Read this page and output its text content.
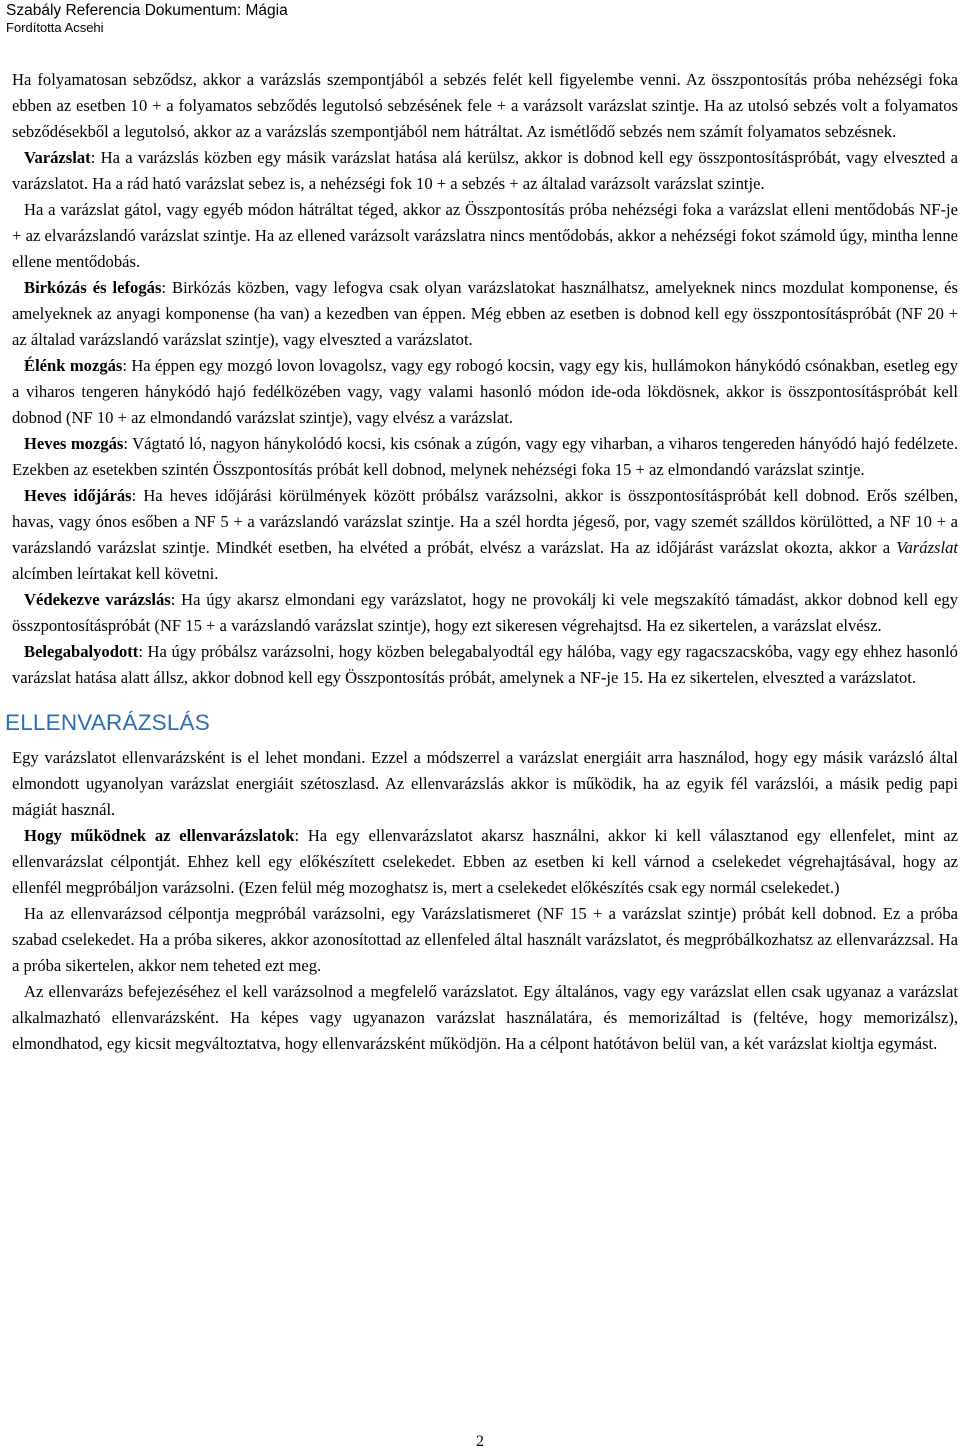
Szabály Referencia Dokumentum: Mágia
Fordította Acsehi

Ha folyamatosan sebződsz, akkor a varázslás szempontjából a sebzés felét kell figyelembe venni. Az összpontosítás próba nehézségi foka ebben az esetben 10 + a folyamatos sebződés legutolsó sebzésének fele + a varázsolt varázslat szintje. Ha az utolsó sebzés volt a folyamatos sebződésekből a legutolsó, akkor az a varázslás szempontjából nem hátráltat. Az ismétlődő sebzés nem számít folyamatos sebzésnek.

Varázslat: Ha a varázslás közben egy másik varázslat hatása alá kerülsz, akkor is dobnod kell egy összpontosításpróbát, vagy elveszted a varázslatot. Ha a rád ható varázslat sebez is, a nehézségi fok 10 + a sebzés + az általad varázsolt varázslat szintje.

Ha a varázslat gátol, vagy egyéb módon hátráltat téged, akkor az Összpontosítás próba nehézségi foka a varázslat elleni mentődobás NF-je + az elvarázslandó varázslat szintje. Ha az ellened varázsolt varázslatra nincs mentődobás, akkor a nehézségi fokot számold úgy, mintha lenne ellene mentődobás.

Birkózás és lefogás: Birkózás közben, vagy lefogva csak olyan varázslatokat használhatsz, amelyeknek nincs mozdulat komponense, és amelyeknek az anyagi komponense (ha van) a kezedben van éppen. Még ebben az esetben is dobnod kell egy összpontosításpróbát (NF 20 + az általad varázslandó varázslat szintje), vagy elveszted a varázslatot.

Élénk mozgás: Ha éppen egy mozgó lovon lovagolsz, vagy egy robogó kocsin, vagy egy kis, hullámokon hánykódó csónakban, esetleg egy a viharos tengeren hánykódó hajó fedélközében vagy, vagy valami hasonló módon ide-oda lökdösnek, akkor is összpontosításpróbát kell dobnod (NF 10 + az elmondandó varázslat szintje), vagy elvész a varázslat.

Heves mozgás: Vágtató ló, nagyon hánykolódó kocsi, kis csónak a zúgón, vagy egy viharban, a viharos tengereden hányódó hajó fedélzete. Ezekben az esetekben szintén Összpontosítás próbát kell dobnod, melynek nehézségi foka 15 + az elmondandó varázslat szintje.

Heves időjárás: Ha heves időjárási körülmények között próbálsz varázsolni, akkor is összpontosításpróbát kell dobnod. Erős szélben, havas, vagy ónos esőben a NF 5 + a varázslandó varázslat szintje. Ha a szél hordta jégeső, por, vagy szemét szálldos körülötted, a NF 10 + a varázslandó varázslat szintje. Mindkét esetben, ha elvéted a próbát, elvész a varázslat. Ha az időjárást varázslat okozta, akkor a Varázslat alcímben leírtakat kell követni.

Védekezve varázslás: Ha úgy akarsz elmondani egy varázslatot, hogy ne provokálj ki vele megszakító támadást, akkor dobnod kell egy összpontosításpróbát (NF 15 + a varázslandó varázslat szintje), hogy ezt sikeresen végrehajtsd. Ha ez sikertelen, a varázslat elvész.

Belegabalyodott: Ha úgy próbálsz varázsolni, hogy közben belegabalyodtál egy hálóba, vagy egy ragacszacskóba, vagy egy ehhez hasonló varázslat hatása alatt állsz, akkor dobnod kell egy Összpontosítás próbát, amelynek a NF-je 15. Ha ez sikertelen, elveszted a varázslatot.

ELLENVARÁZSLÁS

Egy varázslatot ellenvarázsként is el lehet mondani. Ezzel a módszerrel a varázslat energiáit arra használod, hogy egy másik varázsló által elmondott ugyanolyan varázslat energiáit szétoszlasd. Az ellenvarázslás akkor is működik, ha az egyik fél varázslói, a másik pedig papi mágiát használ.

Hogy működnek az ellenvarázslatok: Ha egy ellenvarázslatot akarsz használni, akkor ki kell választanod egy ellenfelet, mint az ellenvarázslat célpontját. Ehhez kell egy előkészített cselekedet. Ebben az esetben ki kell várnod a cselekedet végrehajtásával, hogy az ellenfél megpróbáljon varázsolni. (Ezen felül még mozoghatsz is, mert a cselekedet előkészítés csak egy normál cselekedet.)

Ha az ellenvarázsod célpontja megpróbál varázsolni, egy Varázslatismeret (NF 15 + a varázslat szintje) próbát kell dobnod. Ez a próba szabad cselekedet. Ha a próba sikeres, akkor azonosítottad az ellenfeled által használt varázslatot, és megpróbálkozhatsz az ellenvarázzsal. Ha a próba sikertelen, akkor nem teheted ezt meg.

Az ellenvarázs befejezéséhez el kell varázsolnod a megfelelő varázslatot. Egy általános, vagy egy varázslat ellen csak ugyanaz a varázslat alkalmazható ellenvarázsként. Ha képes vagy ugyanazon varázslat használatára, és memorizáltad is (feltéve, hogy memorizálsz), elmondhatod, egy kicsit megváltoztatva, hogy ellenvarázsként működjön. Ha a célpont hatótávon belül van, a két varázslat kioltja egymást.

2
